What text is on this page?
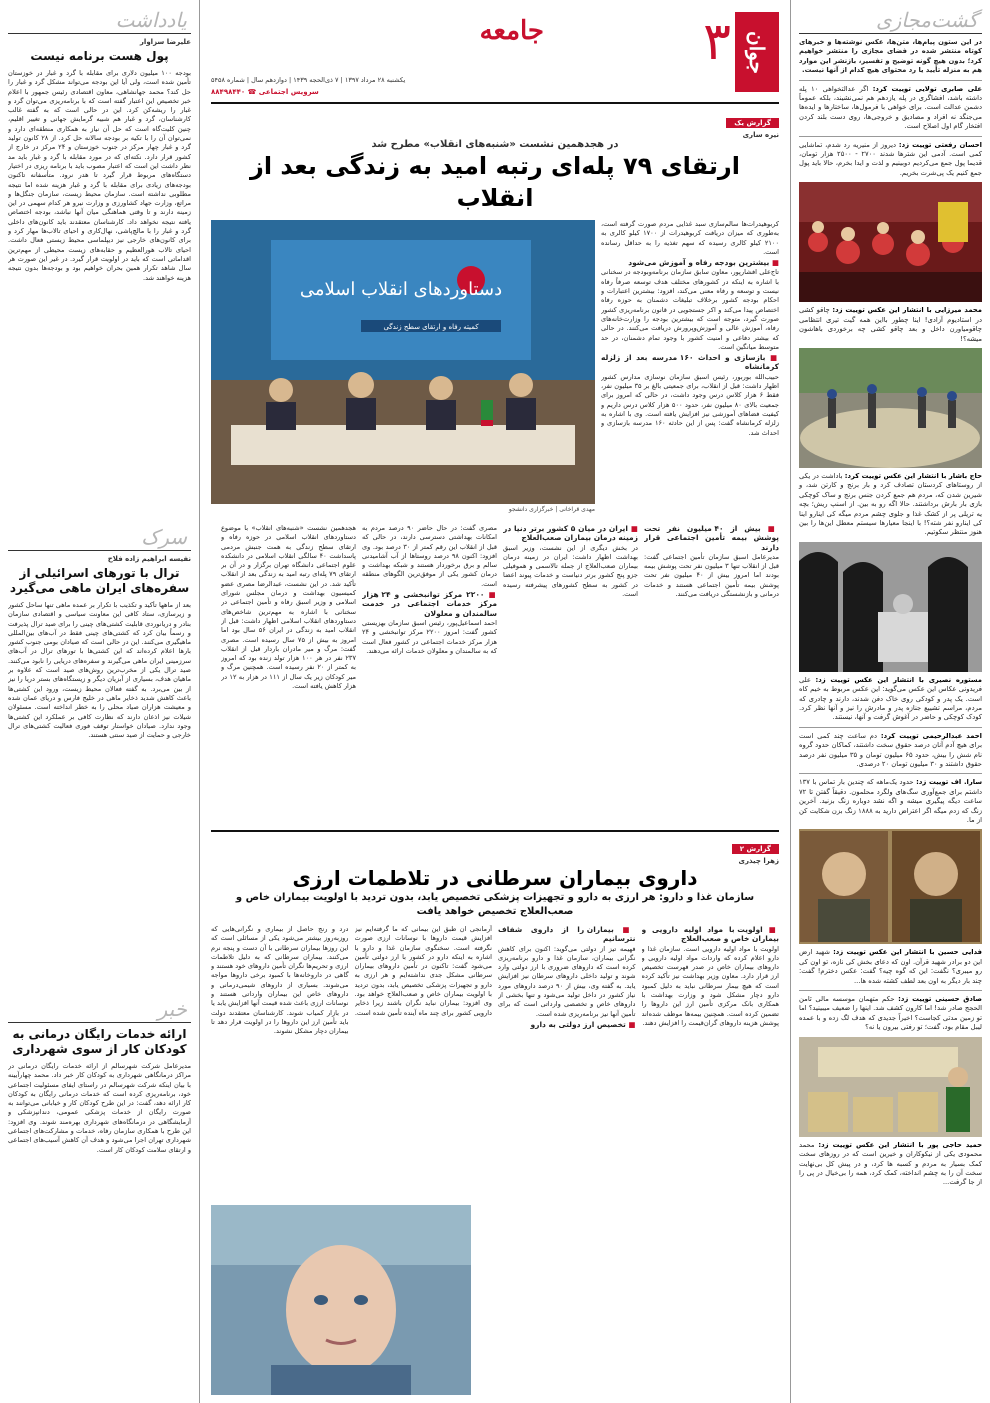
گشت‌مجازی
در این ستون پیام‌ها، متن‌ها، عکس نوشته‌ها و خبرهای کوتاه منتشر شده در فضای مجازی را منتشر خواهیم کرد؛ بدون هیچ گونه توضیح و تفسیر، بازنشر این موارد هم به منزله تأیید یا رد محتوای هیچ کدام از آنها نیست.
علی صابری تولایی توییت کرد: اگر عدالتخواهی ۱۰ پله داشته باشد، افشاگری در پله یازدهم هم نمی‌نشیند، بلکه عموماً دشمن عدالت است. برای خواهی با فرمول‌ها، ساختارها و ایده‌ها می‌جنگد نه افراد و مصادیق و خروجی‌ها، روی دست بلند کردن افتخار گام اول اصلاح است.
احسان رفعتی توییت زد: دیروز از منیریه رد شدم، تماشایی کمی است. آدمی این شترها شدند ۲۷۰۰ - ۲۵۰۰ هزار تومان، قدیما پول جمع می‌کردیم دوبینیم و لذت و ایدا بخرم، حالا باید پول جمع کنیم یک پی‌شرت بخریم.
محمد میرزایی با انتشار این عکس توییت زد: چاقو کشی در استادیوم آزادی! اینا چطور بااین همه گیت تیری انتظامی چاقومیاورن داخل و بعد چاقو کشی چه برخوردی باهاشون میشه؟!
حاج باشار با انتشار این عکس توییت کرد: باداشت در یکی از روستاهای کردستان تصادف کرد و بار برنج و کارتن شد، و شیرین شدن که، مردم هم جمع کردن جنس برنج و ساک کوچکی بازی بار بارش برداشتند. حالا اگه رو به بین. از اسنپ ریش؛ بچه یه تریلی پر از کشک غذا و جلوی چشم مردم میگه کی اینارو اینا کی اینارو نفر شته؟! با اینجا معیارها سیستم معطل این‌ها را بین هنوز منتظر سکوتیم.
مستوره نصیری با انتشار این عکس توییت زد: علی فریدونی عکاس این عکس می‌گوید: این عکس مربوط به خیم کاه است. یک پدر و کودکی روی خاک دفن شدند، دارند و چادری که مردم، مراسم تشییع جنازه پدر و مادرش را نیز و آنها نظر کرد. کودک کوچکی و حاضر در آغوش گرفت و آنها، نیستند.
احمد عبدالرحیمی توییت کرد: دم ساعت چند کمی است برای هیچ آدم آنان درصد حقوق سخت داشتند، کماکان حدود گروه نام شش را بیش، حدود ۶۵ میلیون تومان و ۳۵ میلیون نفر درصد حقوق داشتند و ۳۰ میلیون تومان ۲۰ درصدی.
سارا. اف توییت زد: حدود یک‌ماهه که چندین بار تماس با ۱۳۷ داشتم برای جمع‌آوری سگ‌های ولگرد محلمون. دقیقاً گفتن تا ۷۲ ساعت دیگه پیگیری میشه و اگه نشد دوباره زنگ بزنید. آخرین زنگ که زدم میگه اگر اعتراض دارید به ۱۸۸۸ زنگ بزن شکایت کن از ما.
فدایی حسین با انتشار این عکس توییت زد: شهید ارض این دو برادر شهید قرآن. اون که دعای بخش کی نازه، تو اون کی رو میبری؟ نگفت: این که گوه چیه؟ گفت: عکس دخترم! گفت: چند بار دیگر به اون بعد لطف کشته شده ها...
صادق حسینی توییت زد: حکم متهمان موسسه مالی ثامن الحجج صادر شد! اما کارون کشف شد. اینها را ضعیف میبینید؟ اما تو زمین مدتی کجاست؟ اخیراً جدیدی که هدف لگ زده و با عمده لیبل مقام بود، گفت؛ تو رفتی بیرون یا نه؟
حمید حاجی پور با انتشار این عکس توییت زد: محمد محمودی یکی از نیکوکاران و خیرین است که در روزهای سخت کمک بسیار به مردم و کسبه ها کرد، و در پیش کل بی‌نهایت سخت آن را به چشم انداخته، کمک کرد، همه را بی‌خیال در پی را از جا گرفت...
یادداشت
علیرضا سزاوار
پول هست برنامه نیست
بودجه ۱۰۰ میلیون دلاری برای مقابله با گرد و غبار در خوزستان تأمین شده است، ولی آیا این بودجه می‌تواند مشکل گرد و غبار را حل کند؟ محمد جهانشاهی، معاون اقتصادی رئیس جمهور با اعلام خبر تخصیص این اعتبار گفته است که با برنامه‌ریزی می‌توان گرد و غبار را ریشه‌کن کرد. این در حالی است که به گفته غالب کارشناسان، گرد و غبار هم شبیه گرمایش جهانی و تغییر اقلیم، چنین کلیت‌گاه است که حل آن نیاز به همکاری منطقه‌ای دارد و نمی‌توان آن را با تکیه بر بودجه سالانه حل کرد. از ۲۸ کانون تولید گرد و غبار چهار مرکز در جنوب خوزستان و ۲۴ مرکز در خارج از کشور قرار دارد. نکته‌ای که در مورد مقابله با گرد و غبار باید مد نظر داشت این است که اعتبار مصوب باید با برنامه ریزی در اختیار دستگاه‌های مربوط قرار گیرد تا هدر نرود. متأسفانه تاکنون بودجه‌های زیادی برای مقابله با گرد و غبار هزینه شده اما نتیجه مطلوبی نداشته است. سازمان محیط زیست، سازمان جنگل‌ها و مراتع، وزارت جهاد کشاورزی و وزارت نیرو هر کدام سهمی در این زمینه دارند و تا وقتی هماهنگی میان آنها نباشد، بودجه اختصاص یافته نتیجه نخواهد داد. کارشناسان معتقدند باید کانون‌های داخلی گرد و غبار را با مالچ‌پاشی، نهال‌کاری و احیای تالاب‌ها مهار کرد و برای کانون‌های خارجی نیز دیپلماسی محیط زیستی فعال داشت. احیای تالاب هورالعظیم و حقابه‌های زیست محیطی از مهم‌ترین اقداماتی است که باید در اولویت قرار گیرد. در غیر این صورت هر سال شاهد تکرار همین بحران خواهیم بود و بودجه‌ها بدون نتیجه هزینه خواهند شد.
سرک
نفیسه ابراهیم زاده فلاح
ترال با تورهای اسرائیلی از سفره‌های ایران ماهی می‌گیرد
بعد از ماهها تأکید و تکذیب با تکرار بر عمده ماهی تنها ساحل کشور و زیرسازی، ستاد کافی این معاونت سیاسی و اقتصادی سازمان بنادر و دریانوردی قابلیت کشتی‌های چینی را برای صید ترال پذیرفت و رسماً بیان کرد که کشتی‌های چینی فقط در آب‌های بین‌المللی ماهیگیری می‌کنند. این در حالی است که صیادان بومی جنوب کشور بارها اعلام کرده‌اند که این کشتی‌ها با تورهای ترال در آب‌های سرزمینی ایران ماهی می‌گیرند و سفره‌های دریایی را نابود می‌کنند. صید ترال یکی از مخرب‌ترین روش‌های صید است که علاوه بر ماهیان هدف، بسیاری از آبزیان دیگر و زیستگاه‌های بستر دریا را نیز از بین می‌برد. به گفته فعالان محیط زیست، ورود این کشتی‌ها باعث کاهش شدید ذخایر ماهی در خلیج فارس و دریای عمان شده و معیشت هزاران صیاد محلی را به خطر انداخته است. مسئولان شیلات نیز اذعان دارند که نظارت کافی بر عملکرد این کشتی‌ها وجود ندارد. صیادان خواستار توقف فوری فعالیت کشتی‌های ترال خارجی و حمایت از صید سنتی هستند.
خبر
ارائه خدمات رایگان درمانی به کودکان کار از سوی شهرداری
مدیرعامل شرکت شهرسالم از ارائه خدمات رایگان درمانی در مراکز درمانگاهی شهرداری به کودکان کار خبر داد. محمد چهارآیینه با بیان اینکه شرکت شهرسالم در راستای ایفای مسئولیت اجتماعی خود، برنامه‌ریزی کرده است که خدمات درمانی رایگان به کودکان کار ارائه دهد، گفت: در این طرح کودکان کار و خیابانی می‌توانند به صورت رایگان از خدمات پزشکی عمومی، دندانپزشکی و آزمایشگاهی در درمانگاه‌های شهرداری بهره‌مند شوند. وی افزود: این طرح با همکاری سازمان رفاه، خدمات و مشارکت‌های اجتماعی شهرداری تهران اجرا می‌شود و هدف آن کاهش آسیب‌های اجتماعی و ارتقای سلامت کودکان کار است.
جوان
۳
جامعه
یکشنبه ۲۸ مرداد ۱۳۹۷ | ۷ ذی‌الحجه ۱۴۳۹ | دوازدهم سال | شماره ۵۴۵۸
سرویس اجتماعی ☎ ۸۸۴۹۸۴۴۰
گزارش یک
نیره ساری
در هجدهمین نشست «شنبه‌های انقلاب» مطرح شد
ارتقای ۷۹ پله‌ای رتبه امید به زندگی بعد از انقلاب

کربوهیدرات‌ها سالم‌سازی سبد غذایی مردم صورت گرفته است، به‌طوری که میزان دریافت کربوهیدرات از ۱۷۰۰ کیلو کالری به ۲۱۰۰ کیلو کالری رسیده که سهم تغذیه را به حداقل رسانده است.

■ بیشترین بودجه رفاه و آموزش می‌شود

تاج‌علی افشارپور، معاون سابق سازمان برنامه‌وبودجه در سخنانی با اشاره به اینکه در کشورهای مختلف هدف توسعه صرفاً رفاه نیست و توسعه و رفاه معنی می‌کند، افزود: بیشترین اعتبارات و احکام بودجه کشور برخلاف تبلیغات دشمنان به حوزه رفاه اختصاص پیدا می‌کند و اکر جستجویی در قانون برنامه‌ریزی کشور صورت گیرد، متوجه است که بیشترین بودجه را وزارت‌خانه‌های رفاه، آموزش عالی و آموزش‌وپرورش دریافت می‌کنند. در حالی که بیشتر دفاعی و امنیت کشور با وجود تمام دشمنان، در حد متوسط میانگین است.

■ بازسازی و احداث ۱۶۰ مدرسه بعد از زلزله کرمانشاه

حبیب‌الله بوربور، رئیس اسبق سازمان نوسازی مدارس کشور اظهار داشت: قبل از انقلاب، برای جمعیتی بالغ بر ۳۵ میلیون نفر، فقط ۶ هزار کلاس درس وجود داشت، در حالی که امروز برای جمعیت بالای ۸۰ میلیون نفر، حدود ۵۰۰ هزار کلاس درس داریم و کیفیت فضاهای آموزشی نیز افزایش یافته است. وی با اشاره به زلزله کرمانشاه گفت: پس از این حادثه ۱۶۰ مدرسه بازسازی و احداث شد.

دستاوردهای انقلاب اسلامی
کمیته رفاه و ارتقای سطح زندگی
مهدی قراخانی | خبرگزاری دانشجو

■ بیش از ۴۰ میلیون نفر تحت پوشش بیمه تأمین اجتماعی قرار دارند

مدیرعامل اسبق سازمان تأمین اجتماعی گفت: قبل از انقلاب تنها ۳ میلیون نفر تحت پوشش بیمه بودند اما امروز بیش از ۴۰ میلیون نفر تحت پوشش بیمه تأمین اجتماعی هستند و خدمات درمانی و بازنشستگی دریافت می‌کنند.

■ ایران در میان ۵ کشور برتر دنیا در زمینه درمان بیماران صعب‌العلاج

در بخش دیگری از این نشست، وزیر اسبق بهداشت اظهار داشت: ایران در زمینه درمان بیماران صعب‌العلاج از جمله تالاسمی و هموفیلی جزو پنج کشور برتر دنیاست و خدمات پیوند اعضا در کشور به سطح کشورهای پیشرفته رسیده است.

مصری گفت: در حال حاضر ۹۰ درصد مردم به امکانات بهداشتی دسترسی دارند، در حالی که قبل از انقلاب این رقم کمتر از ۳۰ درصد بود. وی افزود: اکنون ۹۸ درصد روستاها از آب آشامیدنی سالم و برق برخوردار هستند و شبکه بهداشت و درمان کشور یکی از موفق‌ترین الگوهای منطقه است.

■ ۲۲۰۰ مرکز توانبخشی و ۲۴ هزار مرکز خدمات اجتماعی در خدمت سالمندان و معلولان

احمد اسماعیل‌پور، رئیس اسبق سازمان بهزیستی کشور گفت: امروز ۲۲۰۰ مرکز توانبخشی و ۲۴ هزار مرکز خدمات اجتماعی در کشور فعال است که به سالمندان و معلولان خدمات ارائه می‌دهند.

هجدهمین نشست «شنبه‌های انقلاب» با موضوع دستاوردهای انقلاب اسلامی در حوزه رفاه و ارتقای سطح زندگی به همت جنبش مردمی پاسداشت ۴۰ سالگی انقلاب اسلامی در دانشکده علوم اجتماعی دانشگاه تهران برگزار و در آن بر ارتقای ۷۹ پله‌ای رتبه امید به زندگی بعد از انقلاب تأکید شد. در این نشست، عبدالرضا مصری عضو کمیسیون بهداشت و درمان مجلس شورای اسلامی و وزیر اسبق رفاه و تأمین اجتماعی در سخنانی با اشاره به مهم‌ترین شاخص‌های دستاوردهای انقلاب اسلامی اظهار داشت: قبل از انقلاب امید به زندگی در ایران ۵۶ سال بود اما امروز به بیش از ۷۵ سال رسیده است. مصری گفت: مرگ و میر مادران باردار قبل از انقلاب ۲۳۷ نفر در هر ۱۰۰ هزار تولد زنده بود که امروز به کمتر از ۲۰ نفر رسیده است. همچنین مرگ و میر کودکان زیر یک سال از ۱۱۱ در هزار به ۱۲ در هزار کاهش یافته است.

گزارش ۲
زهرا چیذری
داروی بیماران سرطانی در تلاطمات ارزی
سازمان غذا و دارو: هر ارزی به دارو و تجهیزات پزشکی تخصیص یابد، بدون تردید با اولویت بیماران خاص و صعب‌العلاج تخصیص خواهد یافت

■ اولویت با مواد اولیه دارویی و بیماران خاص و صعب‌العلاج

اولویت با مواد اولیه دارویی است. سازمان غذا و دارو اعلام کرده که واردات مواد اولیه دارویی و داروهای بیماران خاص در صدر فهرست تخصیص ارز قرار دارد. معاون وزیر بهداشت نیز تأکید کرده است که هیچ بیمار سرطانی نباید به دلیل کمبود دارو دچار مشکل شود و وزارت بهداشت با همکاری بانک مرکزی تأمین ارز این داروها را تضمین کرده است. همچنین بیمه‌ها موظف شده‌اند پوشش هزینه داروهای گران‌قیمت را افزایش دهند.

■ بیماران را از داروی شفاف نترسانیم

فهیمه تیز از دولتی می‌گوید: اکنون برای کاهش نگرانی بیماران، سازمان غذا و دارو برنامه‌ریزی کرده است که داروهای ضروری با ارز دولتی وارد شوند و تولید داخلی داروهای سرطان نیز افزایش یابد. به گفته وی، بیش از ۹۰ درصد داروهای مورد نیاز کشور در داخل تولید می‌شود و تنها بخشی از داروهای خاص و تخصصی وارداتی است که برای تأمین آنها نیز برنامه‌ریزی شده است.

■ تخصیص ارز دولتی به دارو

آرمانجی ان طبق این بیمانی که ما گرفته‌ایم نیز افزایش قیمت داروها با نوسانات ارزی صورت نگرفته است. سخنگوی سازمان غذا و دارو با اشاره به اینکه دارو در کشور با ارز دولتی تأمین می‌شود گفت: تاکنون در تأمین داروهای بیماران سرطانی مشکل جدی نداشته‌ایم و هر ارزی به دارو و تجهیزات پزشکی تخصیص یابد، بدون تردید با اولویت بیماران خاص و صعب‌العلاج خواهد بود. وی افزود: بیماران نباید نگران باشند زیرا ذخایر دارویی کشور برای چند ماه آینده تأمین شده است.

درد و رنج حاصل از بیماری و نگرانی‌هایی که روزبه‌روز بیشتر می‌شود یکی از مسائلی است که این روزها بیماران سرطانی با آن دست و پنجه نرم می‌کنند. بیماران سرطانی که به دلیل تلاطمات ارزی و تحریم‌ها نگران تأمین داروهای خود هستند و گاهی در داروخانه‌ها با کمبود برخی داروها مواجه می‌شوند. بسیاری از داروهای شیمی‌درمانی و داروهای خاص این بیماران وارداتی هستند و نوسانات ارزی باعث شده قیمت آنها افزایش یابد یا در بازار کمیاب شوند. کارشناسان معتقدند دولت باید تأمین ارز این داروها را در اولویت قرار دهد تا بیماران دچار مشکل نشوند.
